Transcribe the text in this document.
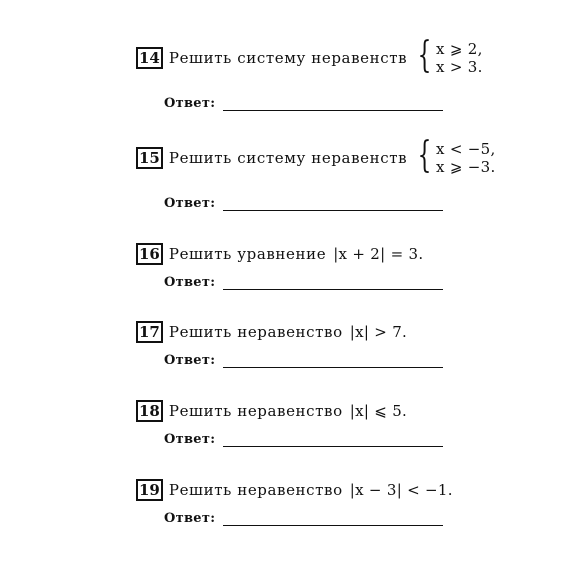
14 Решить систему неравенств { x ⩾ 2,
x > 3.
Ответ:
15 Решить систему неравенств { x < −5,
x ⩾ −3.
Ответ:
16 Решить уравнение |x + 2| = 3.
Ответ:
17 Решить неравенство |x| > 7.
Ответ:
18 Решить неравенство |x| ⩽ 5.
Ответ:
19 Решить неравенство |x − 3| < −1.
Ответ:
